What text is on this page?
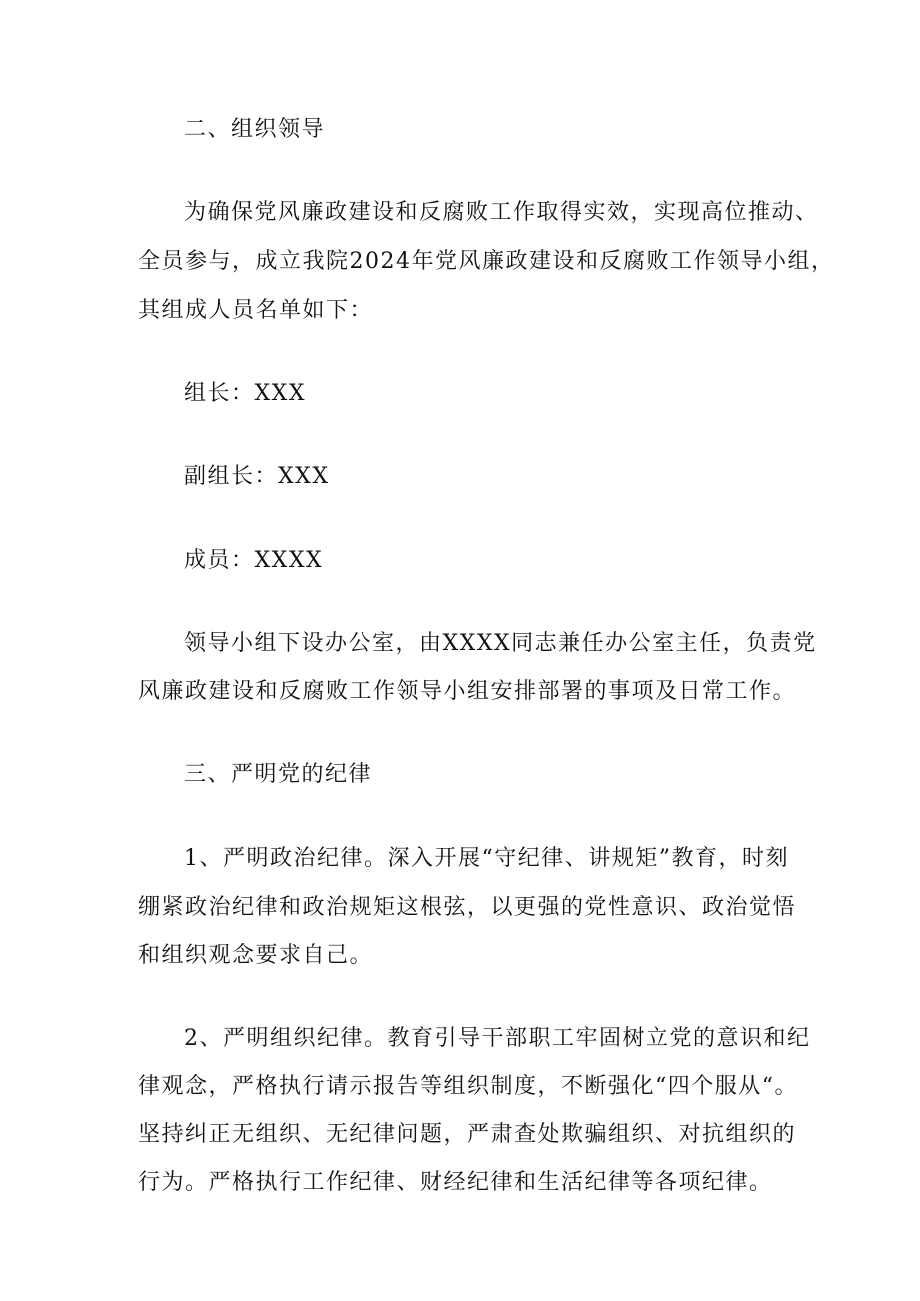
二、组织领导

为确保党风廉政建设和反腐败工作取得实效，实现高位推动、

全员参与，成立我院2024年党风廉政建设和反腐败工作领导小组，

其组成人员名单如下：

组长：XXX

副组长：XXX

成员：XXXX

领导小组下设办公室，由XXXX同志兼任办公室主任，负责党

风廉政建设和反腐败工作领导小组安排部署的事项及日常工作。

三、严明党的纪律

1、严明政治纪律。深入开展“守纪律、讲规矩”教育，时刻

绷紧政治纪律和政治规矩这根弦，以更强的党性意识、政治觉悟

和组织观念要求自己。

2、严明组织纪律。教育引导干部职工牢固树立党的意识和纪

律观念，严格执行请示报告等组织制度，不断强化“四个服从“。

坚持纠正无组织、无纪律问题，严肃查处欺骗组织、对抗组织的

行为。严格执行工作纪律、财经纪律和生活纪律等各项纪律。
